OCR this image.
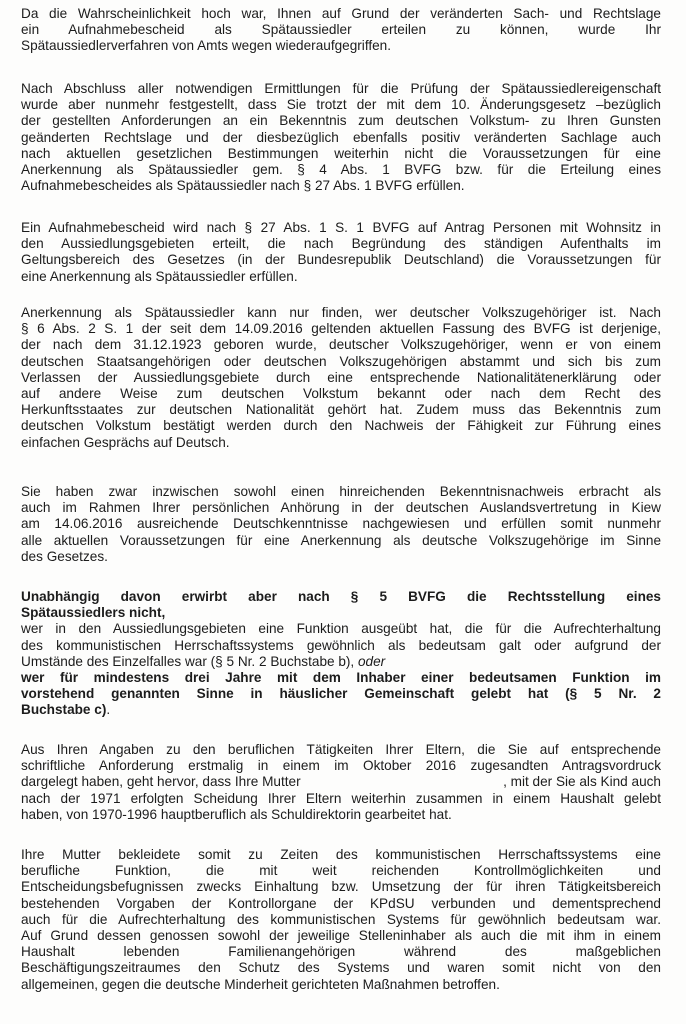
Da die Wahrscheinlichkeit hoch war, Ihnen auf Grund der veränderten Sach- und Rechtslage
ein Aufnahmebescheid als Spätaussiedler erteilen zu können, wurde Ihr
Spätaussiedlerverfahren von Amts wegen wiederaufgegriffen.
Nach Abschluss aller notwendigen Ermittlungen für die Prüfung der Spätaussiedlereigenschaft
wurde aber nunmehr festgestellt, dass Sie trotzt der mit dem 10. Änderungsgesetz –bezüglich
der gestellten Anforderungen an ein Bekenntnis zum deutschen Volkstum- zu Ihren Gunsten
geänderten Rechtslage und der diesbezüglich ebenfalls positiv veränderten Sachlage auch
nach aktuellen gesetzlichen Bestimmungen weiterhin nicht die Voraussetzungen für eine
Anerkennung als Spätaussiedler gem. § 4 Abs. 1 BVFG bzw. für die Erteilung eines
Aufnahmebescheides als Spätaussiedler nach § 27 Abs. 1 BVFG erfüllen.
Ein Aufnahmebescheid wird nach § 27 Abs. 1 S. 1 BVFG auf Antrag Personen mit Wohnsitz in
den Aussiedlungsgebieten erteilt, die nach Begründung des ständigen Aufenthalts im
Geltungsbereich des Gesetzes (in der Bundesrepublik Deutschland) die Voraussetzungen für
eine Anerkennung als Spätaussiedler erfüllen.
Anerkennung als Spätaussiedler kann nur finden, wer deutscher Volkszugehöriger ist. Nach
§ 6 Abs. 2 S. 1 der seit dem 14.09.2016 geltenden aktuellen Fassung des BVFG ist derjenige,
der nach dem 31.12.1923 geboren wurde, deutscher Volkszugehöriger, wenn er von einem
deutschen Staatsangehörigen oder deutschen Volkszugehörigen abstammt und sich bis zum
Verlassen der Aussiedlungsgebiete durch eine entsprechende Nationalitätenerklärung oder
auf andere Weise zum deutschen Volkstum bekannt oder nach dem Recht des
Herkunftsstaates zur deutschen Nationalität gehört hat. Zudem muss das Bekenntnis zum
deutschen Volkstum bestätigt werden durch den Nachweis der Fähigkeit zur Führung eines
einfachen Gesprächs auf Deutsch.
Sie haben zwar inzwischen sowohl einen hinreichenden Bekenntnisnachweis erbracht als
auch im Rahmen Ihrer persönlichen Anhörung in der deutschen Auslandsvertretung in Kiew
am 14.06.2016 ausreichende Deutschkenntnisse nachgewiesen und erfüllen somit nunmehr
alle aktuellen Voraussetzungen für eine Anerkennung als deutsche Volkszugehörige im Sinne
des Gesetzes.
Unabhängig davon erwirbt aber nach § 5 BVFG die Rechtsstellung eines
Spätaussiedlers nicht,
wer in den Aussiedlungsgebieten eine Funktion ausgeübt hat, die für die Aufrechterhaltung
des kommunistischen Herrschaftssystems gewöhnlich als bedeutsam galt oder aufgrund der
Umstände des Einzelfalles war (§ 5 Nr. 2 Buchstabe b), oder
wer für mindestens drei Jahre mit dem Inhaber einer bedeutsamen Funktion im
vorstehend genannten Sinne in häuslicher Gemeinschaft gelebt hat (§ 5 Nr. 2
Buchstabe c).
Aus Ihren Angaben zu den beruflichen Tätigkeiten Ihrer Eltern, die Sie auf entsprechende
schriftliche Anforderung erstmalig in einem im Oktober 2016 zugesandten Antragsvordruck
dargelegt haben, geht hervor, dass Ihre Mutter	, mit der Sie als Kind auch
nach der 1971 erfolgten Scheidung Ihrer Eltern weiterhin zusammen in einem Haushalt gelebt
haben, von 1970-1996 hauptberuflich als Schuldirektorin gearbeitet hat.
Ihre Mutter bekleidete somit zu Zeiten des kommunistischen Herrschaftssystems eine
berufliche Funktion, die mit weit reichenden Kontrollmöglichkeiten und
Entscheidungsbefugnissen zwecks Einhaltung bzw. Umsetzung der für ihren Tätigkeitsbereich
bestehenden Vorgaben der Kontrollorgane der KPdSU verbunden und dementsprechend
auch für die Aufrechterhaltung des kommunistischen Systems für gewöhnlich bedeutsam war.
Auf Grund dessen genossen sowohl der jeweilige Stelleninhaber als auch die mit ihm in einem
Haushalt lebenden Familienangehörigen während des maßgeblichen
Beschäftigungszeitraumes den Schutz des Systems und waren somit nicht von den
allgemeinen, gegen die deutsche Minderheit gerichteten Maßnahmen betroffen.
